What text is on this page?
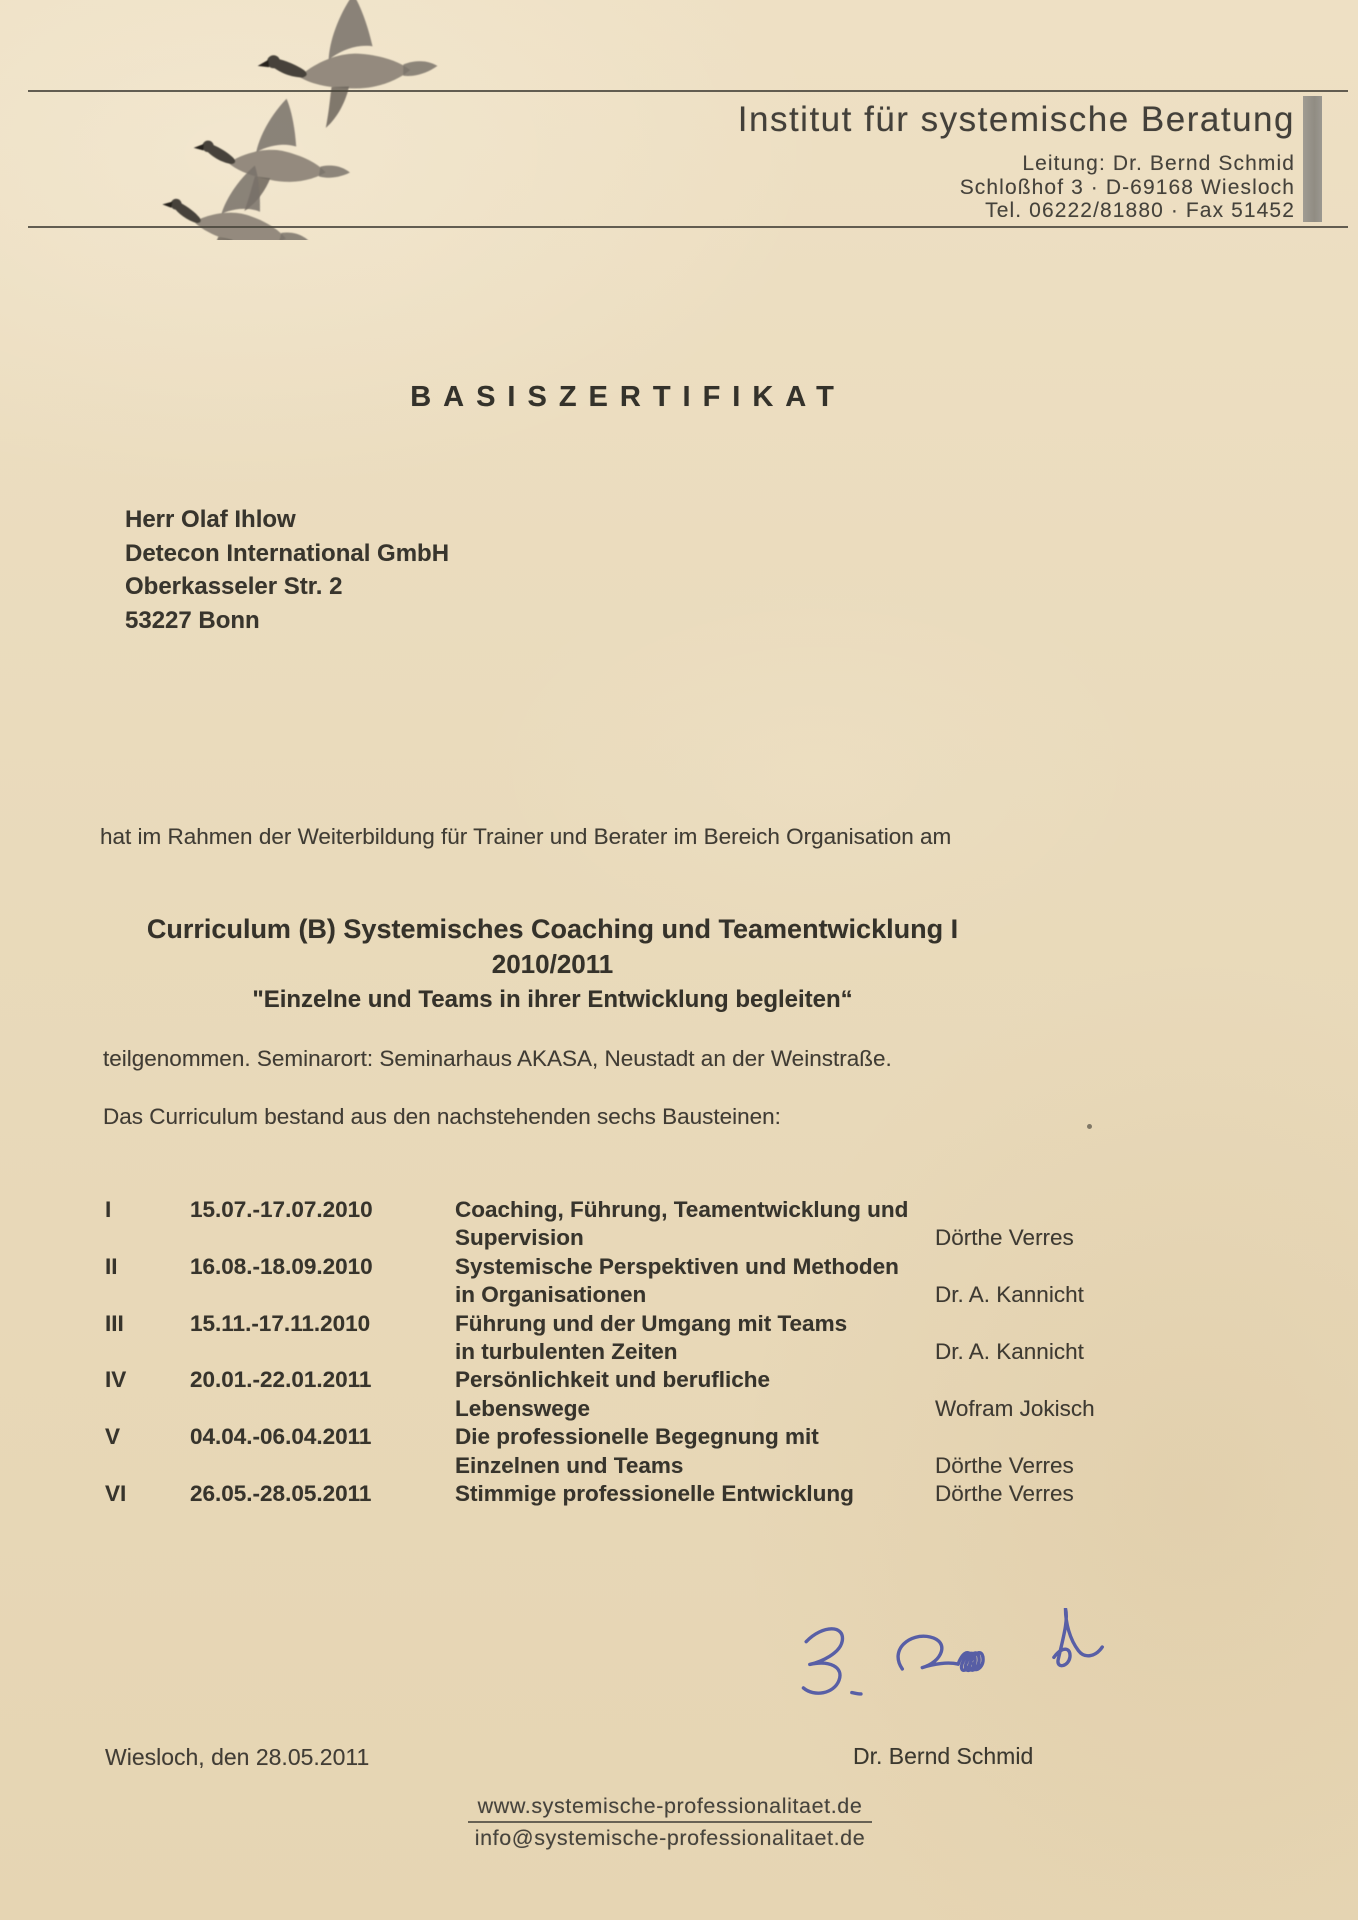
Institut für systemische Beratung
Leitung: Dr. Bernd Schmid
Schloßhof 3 · D-69168 Wiesloch
Tel. 06222/81880 · Fax 51452
BASISZERTIFIKAT
Herr Olaf Ihlow
Detecon International GmbH
Oberkasseler Str. 2
53227 Bonn
hat im Rahmen der Weiterbildung für Trainer und Berater im Bereich Organisation am
Curriculum (B) Systemisches Coaching und Teamentwicklung I
2010/2011
"Einzelne und Teams in ihrer Entwicklung begleiten“
teilgenommen. Seminarort: Seminarhaus AKASA, Neustadt an der Weinstraße.
Das Curriculum bestand aus den nachstehenden sechs Bausteinen:
I	15.07.-17.07.2010	Coaching, Führung, Teamentwicklung und
Supervision	Dörthe Verres
II	16.08.-18.09.2010	Systemische Perspektiven und Methoden
in Organisationen	Dr. A. Kannicht
III	15.11.-17.11.2010	Führung und der Umgang mit Teams
in turbulenten Zeiten	Dr. A. Kannicht
IV	20.01.-22.01.2011	Persönlichkeit und berufliche
Lebenswege	Wofram Jokisch
V	04.04.-06.04.2011	Die professionelle Begegnung mit
Einzelnen und Teams	Dörthe Verres
VI	26.05.-28.05.2011	Stimmige professionelle Entwicklung	Dörthe Verres
Wiesloch, den 28.05.2011	Dr. Bernd Schmid
www.systemische-professionalitaet.de
info@systemische-professionalitaet.de
